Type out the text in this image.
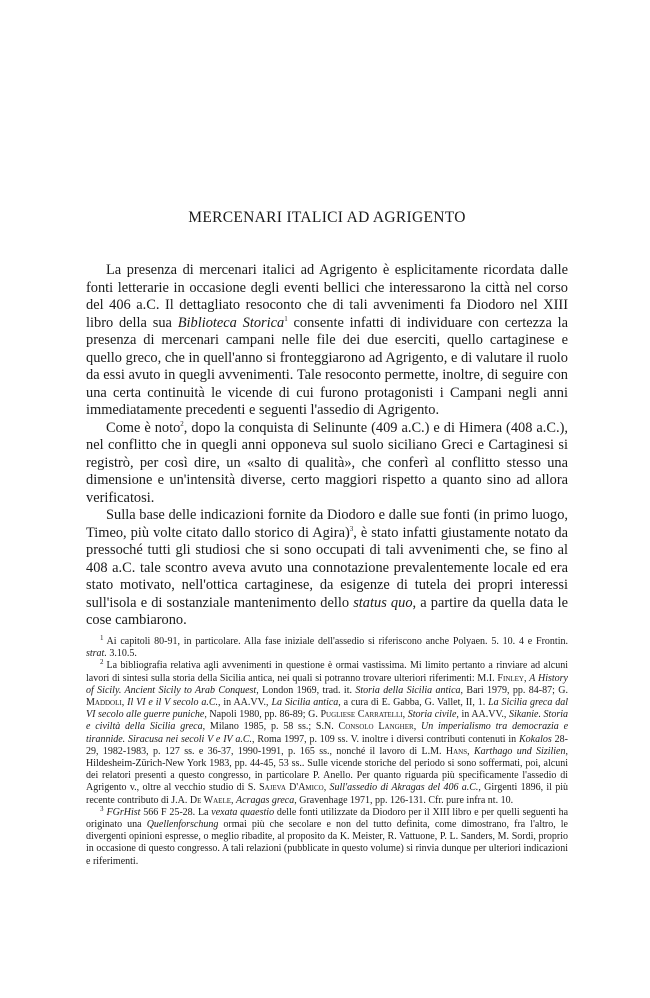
MERCENARI ITALICI AD AGRIGENTO

La presenza di mercenari italici ad Agrigento è esplicitamente ricordata dalle fonti letterarie in occasione degli eventi bellici che interessarono la città nel corso del 406 a.C. Il dettagliato resoconto che di tali avvenimenti fa Diodoro nel XIII libro della sua Biblioteca Storica$^1$ consente infatti di individuare con certezza la presenza di mercenari campani nelle file dei due eserciti, quello cartaginese e quello greco, che in quell'anno si fronteggiarono ad Agrigento, e di valutare il ruolo da essi avuto in quegli avvenimenti. Tale resoconto permette, inoltre, di seguire con una certa continuità le vicende di cui furono protagonisti i Campani negli anni immediatamente precedenti e seguenti l'assedio di Agrigento.

Come è noto$^2$, dopo la conquista di Selinunte (409 a.C.) e di Himera (408 a.C.), nel conflitto che in quegli anni opponeva sul suolo siciliano Greci e Cartaginesi si registrò, per così dire, un «salto di qualità», che conferì al conflitto stesso una dimensione e un'intensità diverse, certo maggiori rispetto a quanto sino ad allora verificatosi.

Sulla base delle indicazioni fornite da Diodoro e dalle sue fonti (in primo luogo, Timeo, più volte citato dallo storico di Agira)$^3$, è stato infatti giustamente notato da pressoché tutti gli studiosi che si sono occupati di tali avvenimenti che, se fino al 408 a.C. tale scontro aveva avuto una connotazione prevalentemente locale ed era stato motivato, nell'ottica cartaginese, da esigenze di tutela dei propri interessi sull'isola e di sostanziale mantenimento dello status quo, a partire da quella data le cose cambiarono.

$^1$ Ai capitoli 80-91, in particolare. Alla fase iniziale dell'assedio si riferiscono anche Polyaen. 5. 10. 4 e Frontin. strat. 3.10.5.

$^2$ La bibliografia relativa agli avvenimenti in questione è ormai vastissima. Mi limito pertanto a rinviare ad alcuni lavori di sintesi sulla storia della Sicilia antica, nei quali si potranno trovare ulteriori riferimenti: M.I. Finley, A History of Sicily. Ancient Sicily to Arab Conquest, London 1969, trad. it. Storia della Sicilia antica, Bari 1979, pp. 84-87; G. Maddoli, Il VI e il V secolo a.C., in AA.VV., La Sicilia antica, a cura di E. Gabba, G. Vallet, II, 1. La Sicilia greca dal VI secolo alle guerre puniche, Napoli 1980, pp. 86-89; G. Pugliese Carratelli, Storia civile, in AA.VV., Sikanie. Storia e civiltà della Sicilia greca, Milano 1985, p. 58 ss.; S.N. Consolo Langher, Un imperialismo tra democrazia e tirannide. Siracusa nei secoli V e IV a.C., Roma 1997, p. 109 ss. V. inoltre i diversi contributi contenuti in Kokalos 28-29, 1982-1983, p. 127 ss. e 36-37, 1990-1991, p. 165 ss., nonché il lavoro di L.M. Hans, Karthago und Sizilien, Hildesheim-Zürich-New York 1983, pp. 44-45, 53 ss.. Sulle vicende storiche del periodo si sono soffermati, poi, alcuni dei relatori presenti a questo congresso, in particolare P. Anello. Per quanto riguarda più specificamente l'assedio di Agrigento v., oltre al vecchio studio di S. Sajeva D'Amico, Sull'assedio di Akragas del 406 a.C., Girgenti 1896, il più recente contributo di J.A. De Waele, Acragas greca, Gravenhage 1971, pp. 126-131. Cfr. pure infra nt. 10.

$^3$ FGrHist 566 F 25-28. La vexata quaestio delle fonti utilizzate da Diodoro per il XIII libro e per quelli seguenti ha originato una Quellenforschung ormai più che secolare e non del tutto definita, come dimostrano, fra l'altro, le divergenti opinioni espresse, o meglio ribadite, al proposito da K. Meister, R. Vattuone, P. L. Sanders, M. Sordi, proprio in occasione di questo congresso. A tali relazioni (pubblicate in questo volume) si rinvia dunque per ulteriori indicazioni e riferimenti.
